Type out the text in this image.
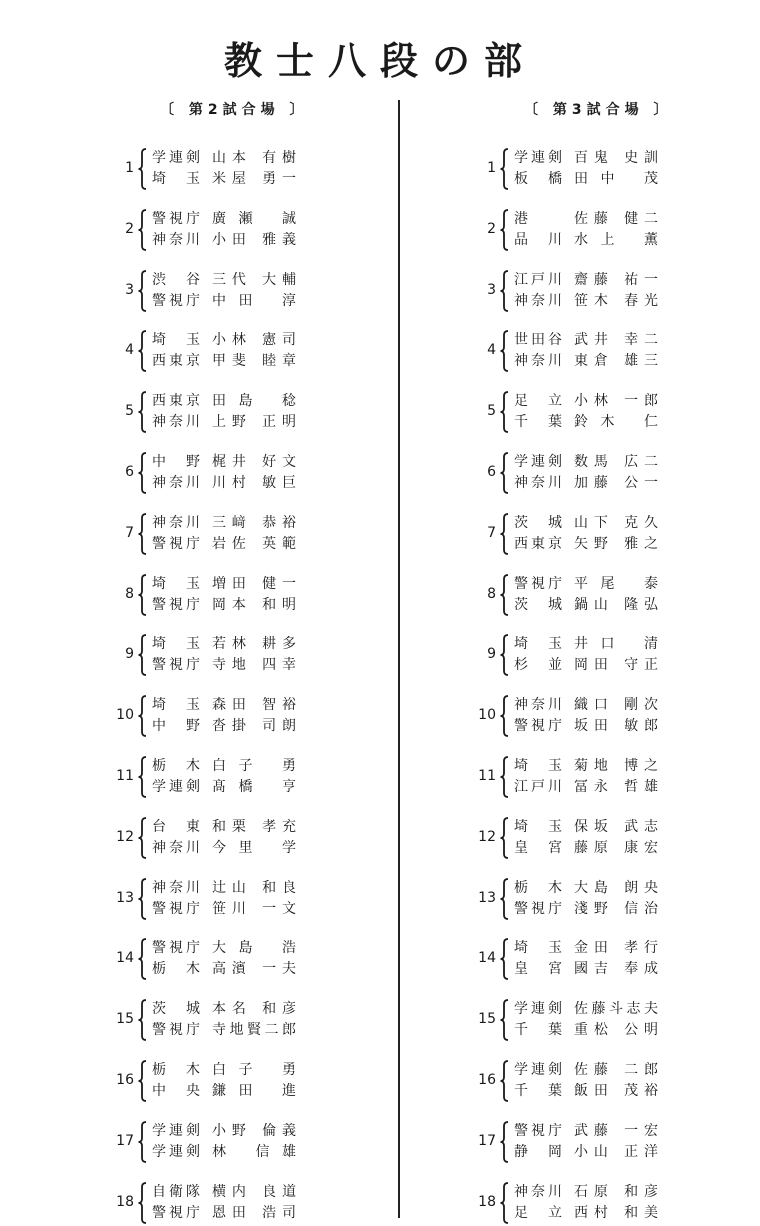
教士八段の部
〔 第2試合場 〕
1
学連剣 山本 有樹
埼 玉 米屋 勇一
2
警視庁 廣瀬 誠
神奈川 小田 雅義
3
渋 谷 三代 大輔
警視庁 中田 淳
4
埼 玉 小林 憲司
西東京 甲斐 睦章
5
西東京 田島 稔
神奈川 上野 正明
6
中 野 梶井 好文
神奈川 川村 敏巨
7
神奈川 三﨑 恭裕
警視庁 岩佐 英範
8
埼 玉 増田 健一
警視庁 岡本 和明
9
埼 玉 若林 耕多
警視庁 寺地 四幸
10
埼 玉 森田 智裕
中 野 沓掛 司朗
11
栃 木 白子 勇
学連剣 髙橋 亨
12
台 東 和栗 孝充
神奈川 今里 学
13
神奈川 辻山 和良
警視庁 笹川 一文
14
警視庁 大島 浩
栃 木 高濱 一夫
15
茨 城 本名 和彦
警視庁 寺地賢二郎
16
栃 木 白子 勇
中 央 鎌田 進
17
学連剣 小野 倫義
学連剣 林 信雄
18
自衛隊 横内 良道
警視庁 恩田 浩司
〔 第3試合場 〕
1
学連剣 百鬼 史訓
板 橋 田中 茂
2
港	佐藤 健二
品 川 水上 薫
3
江戸川 齋藤 祐一
神奈川 笹木 春光
4
世田谷 武井 幸二
神奈川 東倉 雄三
5
足 立 小林 一郎
千 葉 鈴木 仁
6
学連剣 数馬 広二
神奈川 加藤 公一
7
茨 城 山下 克久
西東京 矢野 雅之
8
警視庁 平尾 泰
茨 城 鍋山 隆弘
9
埼 玉 井口 清
杉 並 岡田 守正
10
神奈川 織口 剛次
警視庁 坂田 敏郎
11
埼 玉 菊地 博之
江戸川 冨永 哲雄
12
埼 玉 保坂 武志
皇 宮 藤原 康宏
13
栃 木 大島 朗央
警視庁 淺野 信治
14
埼 玉 金田 孝行
皇 宮 國吉 奉成
15
学連剣 佐藤斗志夫
千 葉 重松 公明
16
学連剣 佐藤 二郎
千 葉 飯田 茂裕
17
警視庁 武藤 一宏
静 岡 小山 正洋
18
神奈川 石原 和彦
足 立 西村 和美
